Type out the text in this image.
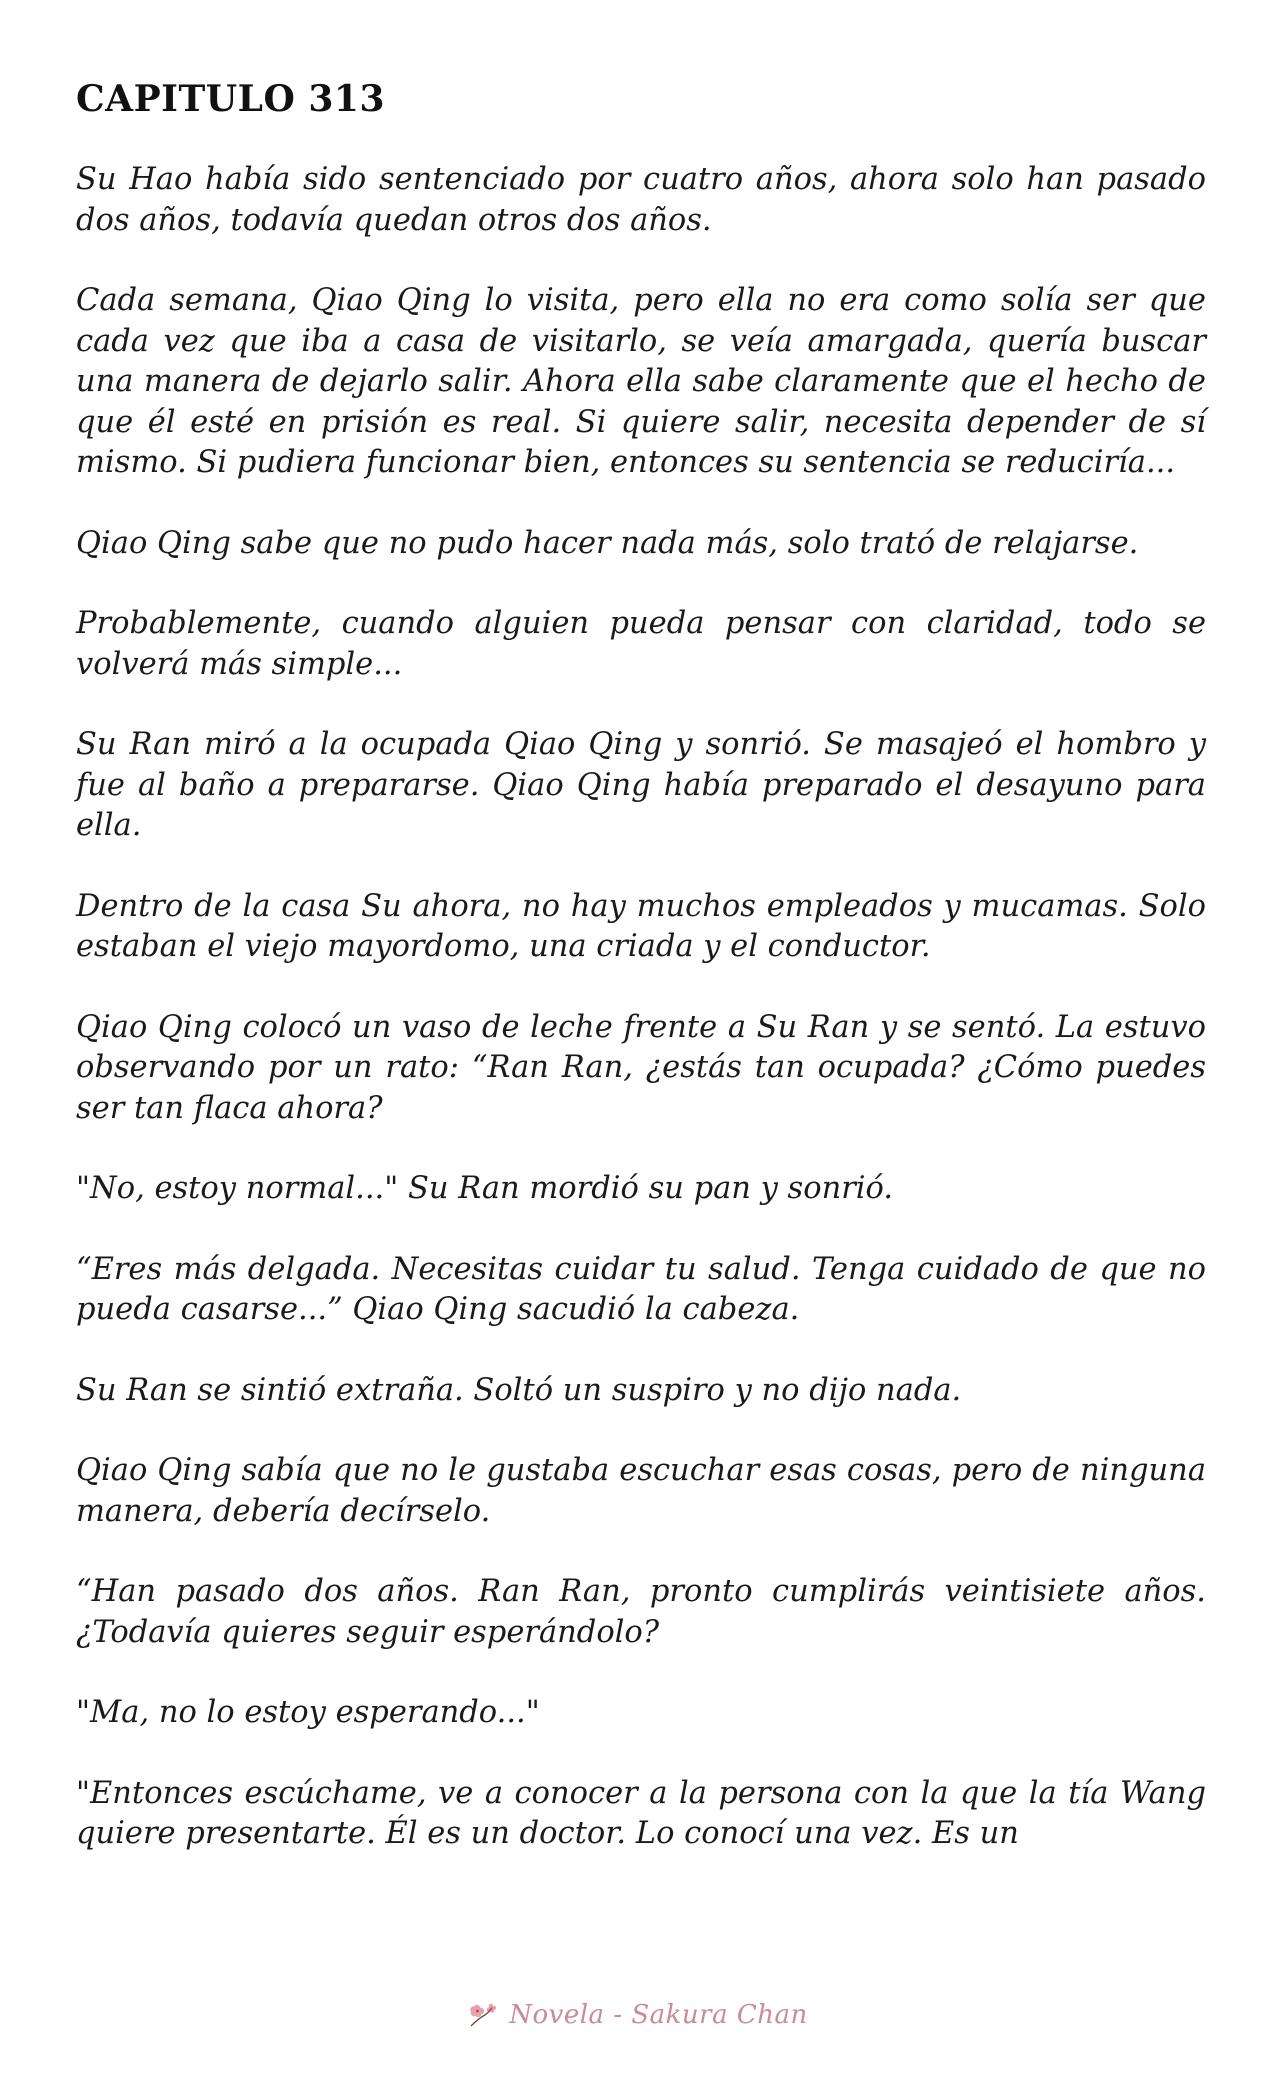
CAPITULO 313

Su Hao había sido sentenciado por cuatro años, ahora solo han pasado dos años, todavía quedan otros dos años.

Cada semana, Qiao Qing lo visita, pero ella no era como solía ser que cada vez que iba a casa de visitarlo, se veía amargada, quería buscar una manera de dejarlo salir. Ahora ella sabe claramente que el hecho de que él esté en prisión es real. Si quiere salir, necesita depender de sí mismo. Si pudiera funcionar bien, entonces su sentencia se reduciría...

Qiao Qing sabe que no pudo hacer nada más, solo trató de relajarse.

Probablemente, cuando alguien pueda pensar con claridad, todo se volverá más simple...

Su Ran miró a la ocupada Qiao Qing y sonrió. Se masajeó el hombro y fue al baño a prepararse. Qiao Qing había preparado el desayuno para ella.

Dentro de la casa Su ahora, no hay muchos empleados y mucamas. Solo estaban el viejo mayordomo, una criada y el conductor.

Qiao Qing colocó un vaso de leche frente a Su Ran y se sentó. La estuvo observando por un rato: “Ran Ran, ¿estás tan ocupada? ¿Cómo puedes ser tan flaca ahora?

"No, estoy normal..." Su Ran mordió su pan y sonrió.

“Eres más delgada. Necesitas cuidar tu salud. Tenga cuidado de que no pueda casarse...” Qiao Qing sacudió la cabeza.

Su Ran se sintió extraña. Soltó un suspiro y no dijo nada.

Qiao Qing sabía que no le gustaba escuchar esas cosas, pero de ninguna manera, debería decírselo.

“Han pasado dos años. Ran Ran, pronto cumplirás veintisiete años. ¿Todavía quieres seguir esperándolo?

"Ma, no lo estoy esperando..."

"Entonces escúchame, ve a conocer a la persona con la que la tía Wang quiere presentarte. Él es un doctor. Lo conocí una vez. Es un

Novela - Sakura Chan
